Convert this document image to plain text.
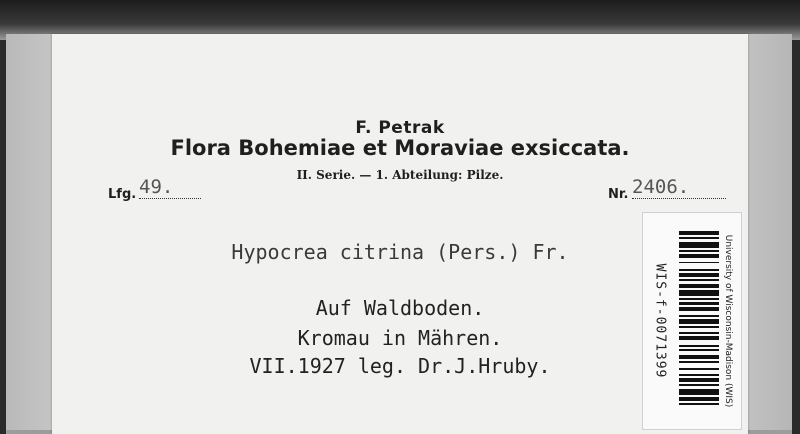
F. Petrak
Flora Bohemiae et Moraviae exsiccata.
II. Serie. — 1. Abteilung: Pilze.
Lfg. 49.	Nr. 2406.
Hypocrea citrina (Pers.) Fr.
Auf Waldboden.
Kromau in Mähren.
VII.1927 leg. Dr.J.Hruby.	WIS-f-0071399	University of Wisconsin-Madison (WIS)
